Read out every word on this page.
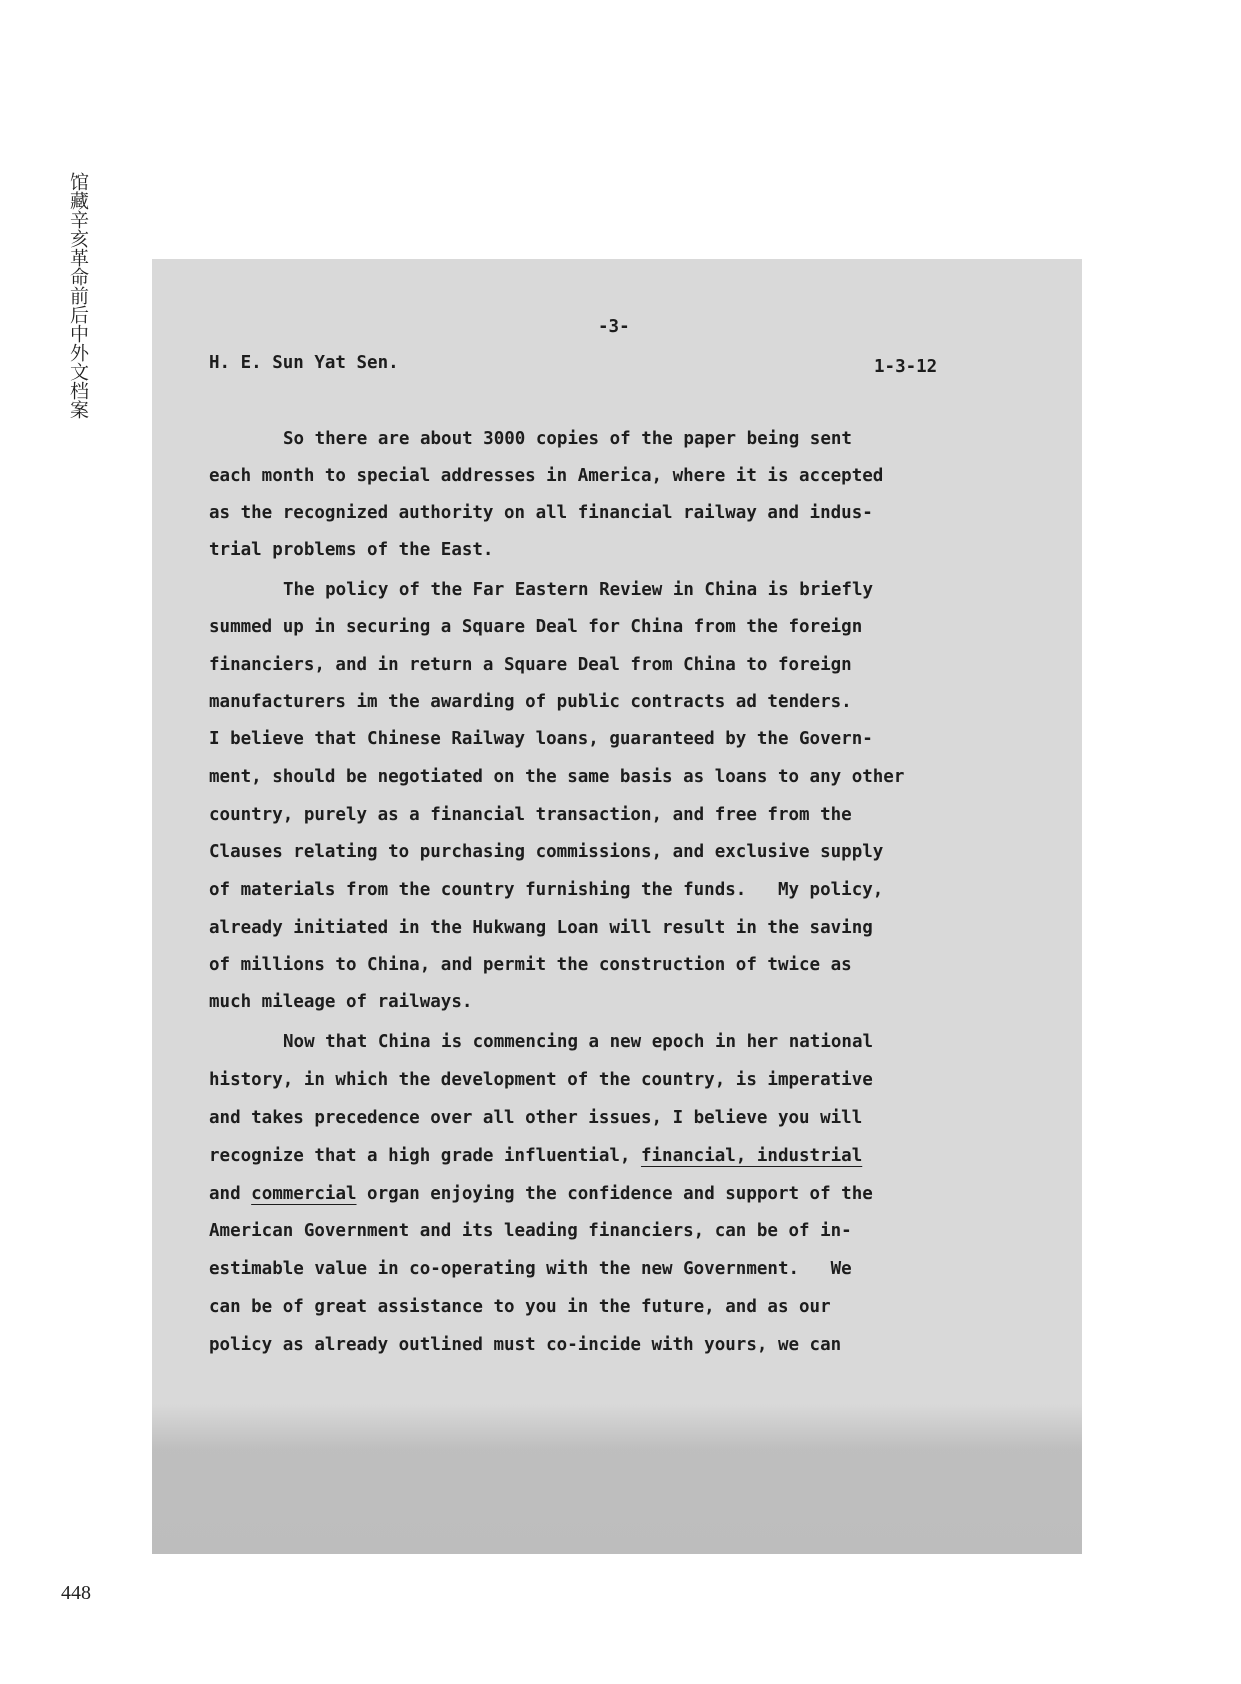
馆藏辛亥革命前后中外文档案	-3-
H. E. Sun Yat Sen.	1-3-12
So there are about 3000 copies of the paper being sent
each month to special addresses in America, where it is accepted
as the recognized authority on all financial railway and indus-
trial problems of the East.
The policy of the Far Eastern Review in China is briefly
summed up in securing a Square Deal for China from the foreign
financiers, and in return a Square Deal from China to foreign
manufacturers im the awarding of public contracts ad tenders.
I believe that Chinese Railway loans, guaranteed by the Govern-
ment, should be negotiated on the same basis as loans to any other
country, purely as a financial transaction, and free from the
Clauses relating to purchasing commissions, and exclusive supply
of materials from the country furnishing the funds.   My policy,
already initiated in the Hukwang Loan will result in the saving
of millions to China, and permit the construction of twice as
much mileage of railways.
Now that China is commencing a new epoch in her national
history, in which the development of the country, is imperative
and takes precedence over all other issues, I believe you will
recognize that a high grade influential, financial, industrial
and commercial organ enjoying the confidence and support of the
American Government and its leading financiers, can be of in-
estimable value in co-operating with the new Government.   We
can be of great assistance to you in the future, and as our
policy as already outlined must co-incide with yours, we can
448
